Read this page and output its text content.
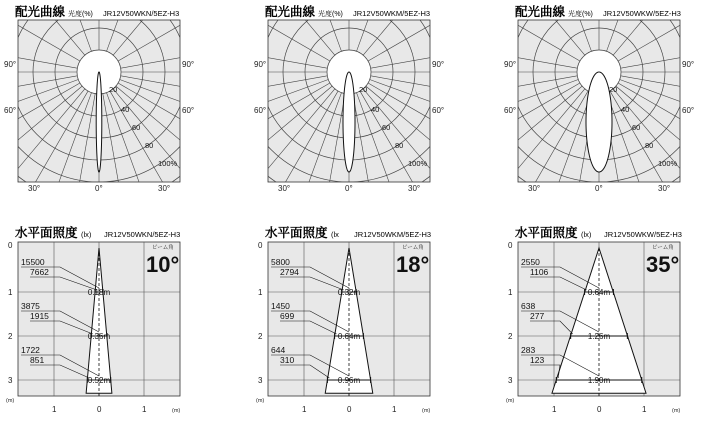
配光曲線 光度(%) JR12V50WKN/5EZ-H3
20
40
60
80
100%
90°	90°
60°	60°
30°	0°	30°
配光曲線 光度(%) JR12V50WKM/5EZ-H3
20
40
60
80
100%
90°	90°
60°	60°
30°	0°	30°
配光曲線 光度(%) JR12V50WKW/5EZ-H3
20
40
60
80
100%
90°	90°
60°	60°
30°	0°	30°
水平面照度 (lx) JR12V50WKN/5EZ-H3
0.18m
15500
7662
0.36m
3875
1915
0.52m
1722
851
ビーム角
10°
0
1
2
3
(m)
1	0	1	(m)
水平面照度 (lx JR12V50WKM/5EZ-H3
0.32m
5800
2794
0.64m
1450
699
0.96m
644
310
ビーム角
18°
0
1
2
3
(m)
1	0	1	(m)
水平面照度 (lx) JR12V50WKW/5EZ-H3
0.64m
2550
1106
1.26m
638
277
1.90m
283
123
ビーム角
35°
0
1
2
3
(m)
1	0	1	(m)
